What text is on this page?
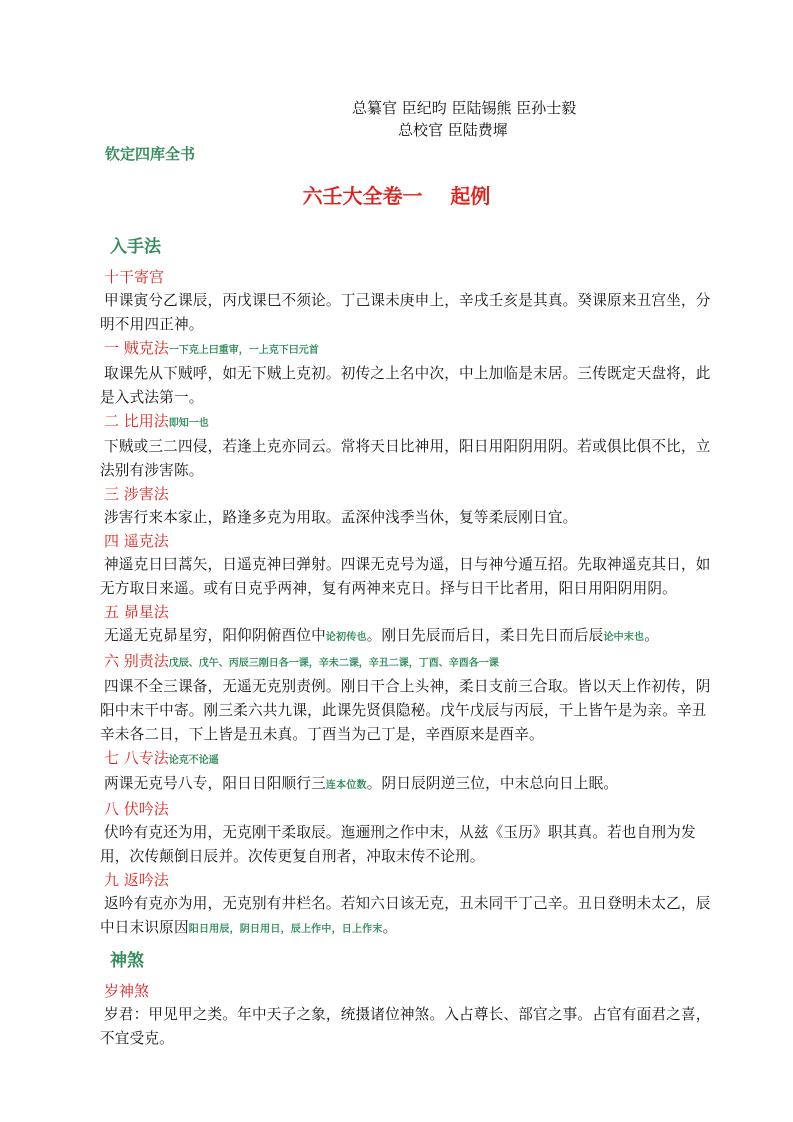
总纂官 臣纪昀 臣陆锡熊 臣孙士毅
总校官 臣陆费墀
钦定四库全书
六壬大全卷一    起例
入手法
十干寄宫

甲课寅兮乙课辰，丙戊课巳不须论。丁己课未庚申上，辛戌壬亥是其真。癸课原来丑宫坐，分明不用四正神。

一 贼克法一下克上曰重审，一上克下曰元首

取课先从下贼呼，如无下贼上克初。初传之上名中次，中上加临是末居。三传既定天盘将，此是入式法第一。

二 比用法即知一也

下贼或三二四侵，若逢上克亦同云。常将天日比神用，阳日用阳阴用阴。若或俱比俱不比，立法别有涉害陈。

三 涉害法

涉害行来本家止，路逢多克为用取。孟深仲浅季当休，复等柔辰刚日宜。

四 遥克法

神遥克日曰蒿矢，日遥克神曰弹射。四课无克号为遥，日与神兮遁互招。先取神遥克其日，如无方取日来遥。或有日克乎两神，复有两神来克日。择与日干比者用，阳日用阳阴用阴。

五 昴星法

无遥无克昴星穷，阳仰阴俯酉位中论初传也。刚日先辰而后日，柔日先日而后辰论中末也。

六 别责法戊辰、戊午、丙辰三刚日各一课，辛未二课，辛丑二课，丁酉、辛酉各一课

四课不全三课备，无遥无克别责例。刚日干合上头神，柔日支前三合取。皆以天上作初传，阴阳中末干中寄。刚三柔六共九课，此课先贤俱隐秘。戊午戊辰与丙辰，干上皆午是为亲。辛丑辛未各二日，下上皆是丑未真。丁酉当为己丁是，辛酉原来是酉辛。

七 八专法论克不论遥

两课无克号八专，阳日日阳顺行三连本位数。阴日辰阴逆三位，中末总向日上眠。

八 伏吟法

伏吟有克还为用，无克刚干柔取辰。迤逦刑之作中末，从兹《玉历》职其真。若也自刑为发用，次传颠倒日辰并。次传更复自刑者，冲取末传不论刑。

九 返吟法

返吟有克亦为用，无克别有井栏名。若知六日该无克，丑未同干丁己辛。丑日登明未太乙，辰中日末识原因阳日用辰，阴日用日，辰上作中，日上作末。

神煞
岁神煞

岁君：甲见甲之类。年中天子之象，统摄诸位神煞。入占尊长、部官之事。占官有面君之喜，不宜受克。
